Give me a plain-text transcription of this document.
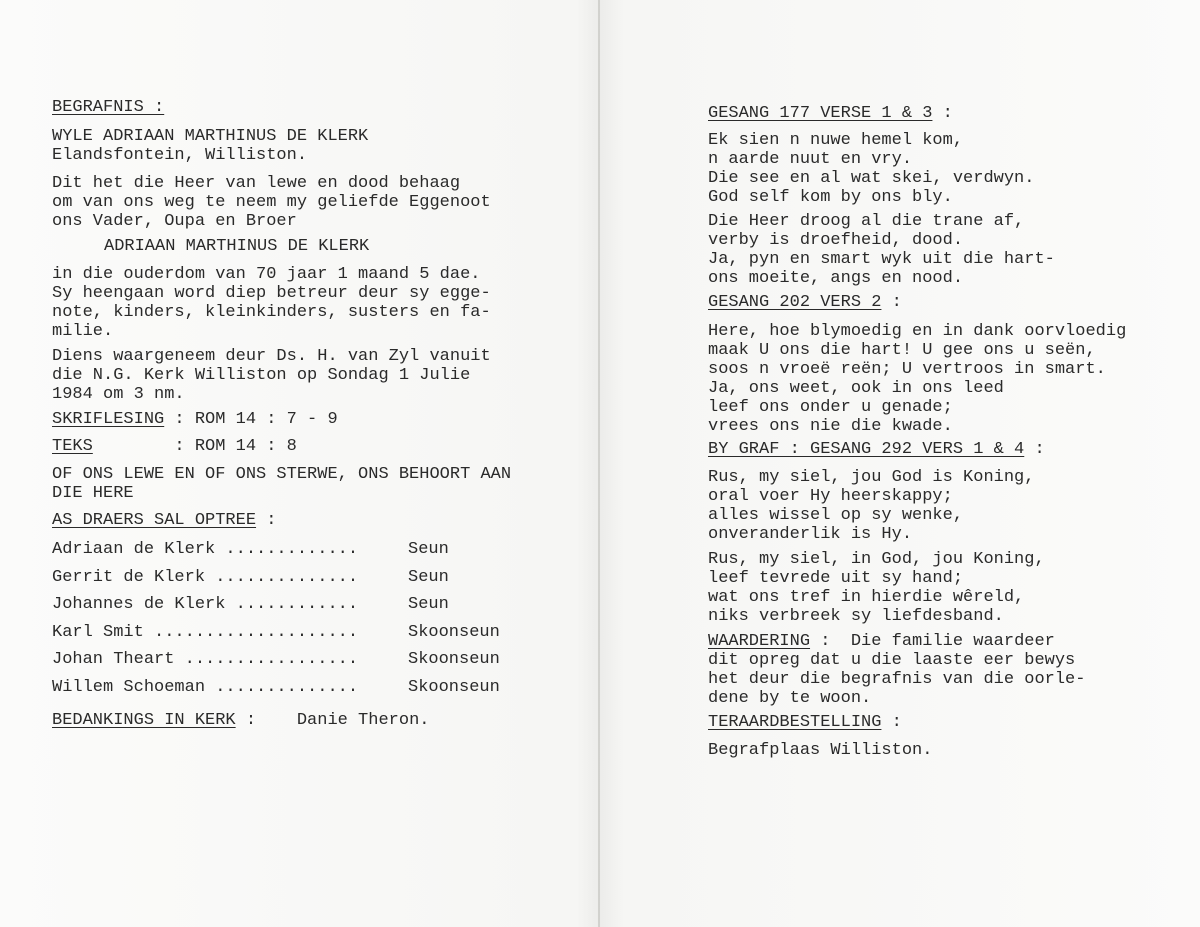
BEGRAFNIS :
WYLE ADRIAAN MARTHINUS DE KLERK
Elandsfontein, Williston.
Dit het die Heer van lewe en dood behaag
om van ons weg te neem my geliefde Eggenoot
ons Vader, Oupa en Broer
ADRIAAN MARTHINUS DE KLERK
in die ouderdom van 70 jaar 1 maand 5 dae.
Sy heengaan word diep betreur deur sy egge-
note, kinders, kleinkinders, susters en fa-
milie.
Diens waargeneem deur Ds. H. van Zyl vanuit
die N.G. Kerk Williston op Sondag 1 Julie
1984 om 3 nm.
SKRIFLESING : ROM 14 : 7 - 9
TEKS        : ROM 14 : 8
OF ONS LEWE EN OF ONS STERWE, ONS BEHOORT AAN
DIE HERE
AS DRAERS SAL OPTREE :
Adriaan de Klerk .............	Seun
Gerrit de Klerk ..............	Seun
Johannes de Klerk ............	Seun
Karl Smit ....................	Skoonseun
Johan Theart .................	Skoonseun
Willem Schoeman ..............	Skoonseun
BEDANKINGS IN KERK :    Danie Theron.
GESANG 177 VERSE 1 & 3 :
Ek sien n nuwe hemel kom,
n aarde nuut en vry.
Die see en al wat skei, verdwyn.
God self kom by ons bly.
Die Heer droog al die trane af,
verby is droefheid, dood.
Ja, pyn en smart wyk uit die hart-
ons moeite, angs en nood.
GESANG 202 VERS 2 :
Here, hoe blymoedig en in dank oorvloedig
maak U ons die hart! U gee ons u seën,
soos n vroeë reën; U vertroos in smart.
Ja, ons weet, ook in ons leed
leef ons onder u genade;
vrees ons nie die kwade.
BY GRAF : GESANG 292 VERS 1 & 4 :
Rus, my siel, jou God is Koning,
oral voer Hy heerskappy;
alles wissel op sy wenke,
onveranderlik is Hy.
Rus, my siel, in God, jou Koning,
leef tevrede uit sy hand;
wat ons tref in hierdie wêreld,
niks verbreek sy liefdesband.
WAARDERING :  Die familie waardeer
dit opreg dat u die laaste eer bewys
het deur die begrafnis van die oorle-
dene by te woon.
TERAARDBESTELLING :
Begrafplaas Williston.
